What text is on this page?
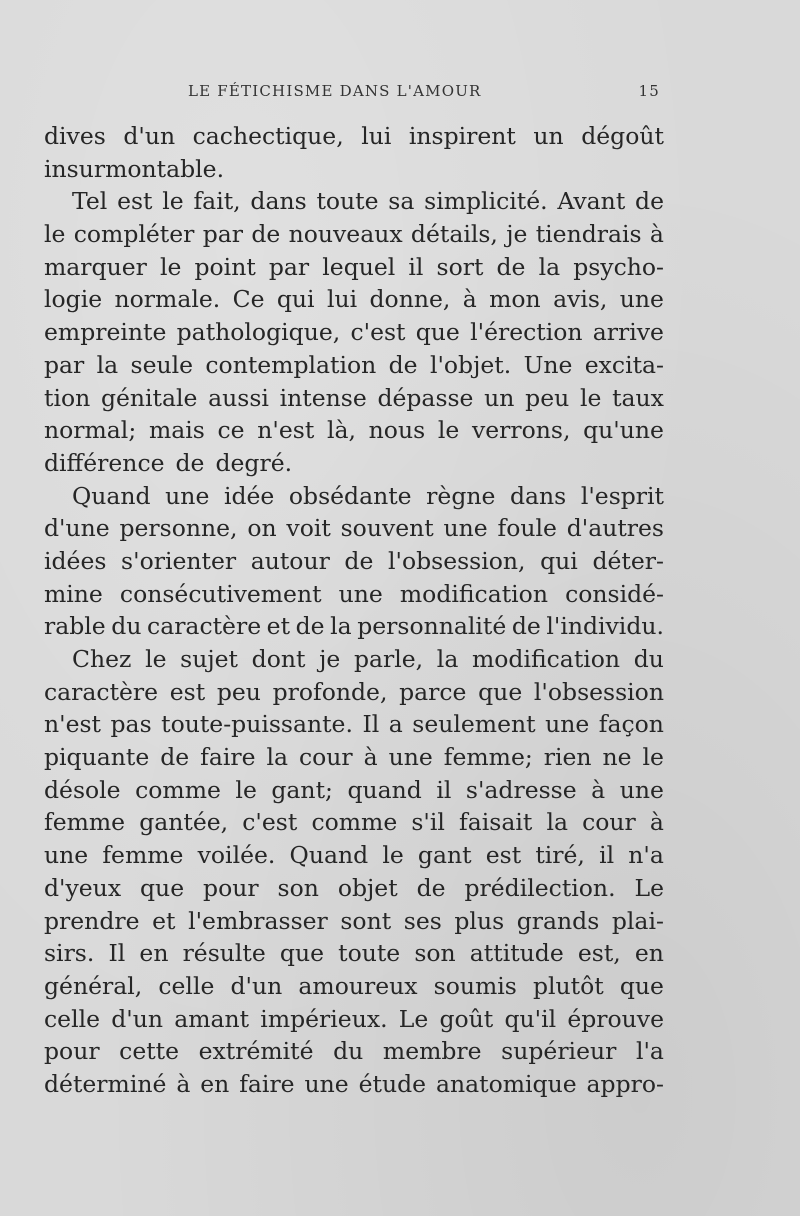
LE FÉTICHISME DANS L'AMOUR	15
dives d'un cachectique, lui inspirent un dégoût
insurmontable.
Tel est le fait, dans toute sa simplicité. Avant de
le compléter par de nouveaux détails, je tiendrais à
marquer le point par lequel il sort de la psycho-
logie normale. Ce qui lui donne, à mon avis, une
empreinte pathologique, c'est que l'érection arrive
par la seule contemplation de l'objet. Une excita-
tion génitale aussi intense dépasse un peu le taux
normal; mais ce n'est là, nous le verrons, qu'une
différence de degré.
Quand une idée obsédante règne dans l'esprit
d'une personne, on voit souvent une foule d'autres
idées s'orienter autour de l'obsession, qui déter-
mine consécutivement une modification considé-
rable du caractère et de la personnalité de l'individu.
Chez le sujet dont je parle, la modification du
caractère est peu profonde, parce que l'obsession
n'est pas toute-puissante. Il a seulement une façon
piquante de faire la cour à une femme; rien ne le
désole comme le gant; quand il s'adresse à une
femme gantée, c'est comme s'il faisait la cour à
une femme voilée. Quand le gant est tiré, il n'a
d'yeux que pour son objet de prédilection. Le
prendre et l'embrasser sont ses plus grands plai-
sirs. Il en résulte que toute son attitude est, en
général, celle d'un amoureux soumis plutôt que
celle d'un amant impérieux. Le goût qu'il éprouve
pour cette extrémité du membre supérieur l'a
déterminé à en faire une étude anatomique appro-
